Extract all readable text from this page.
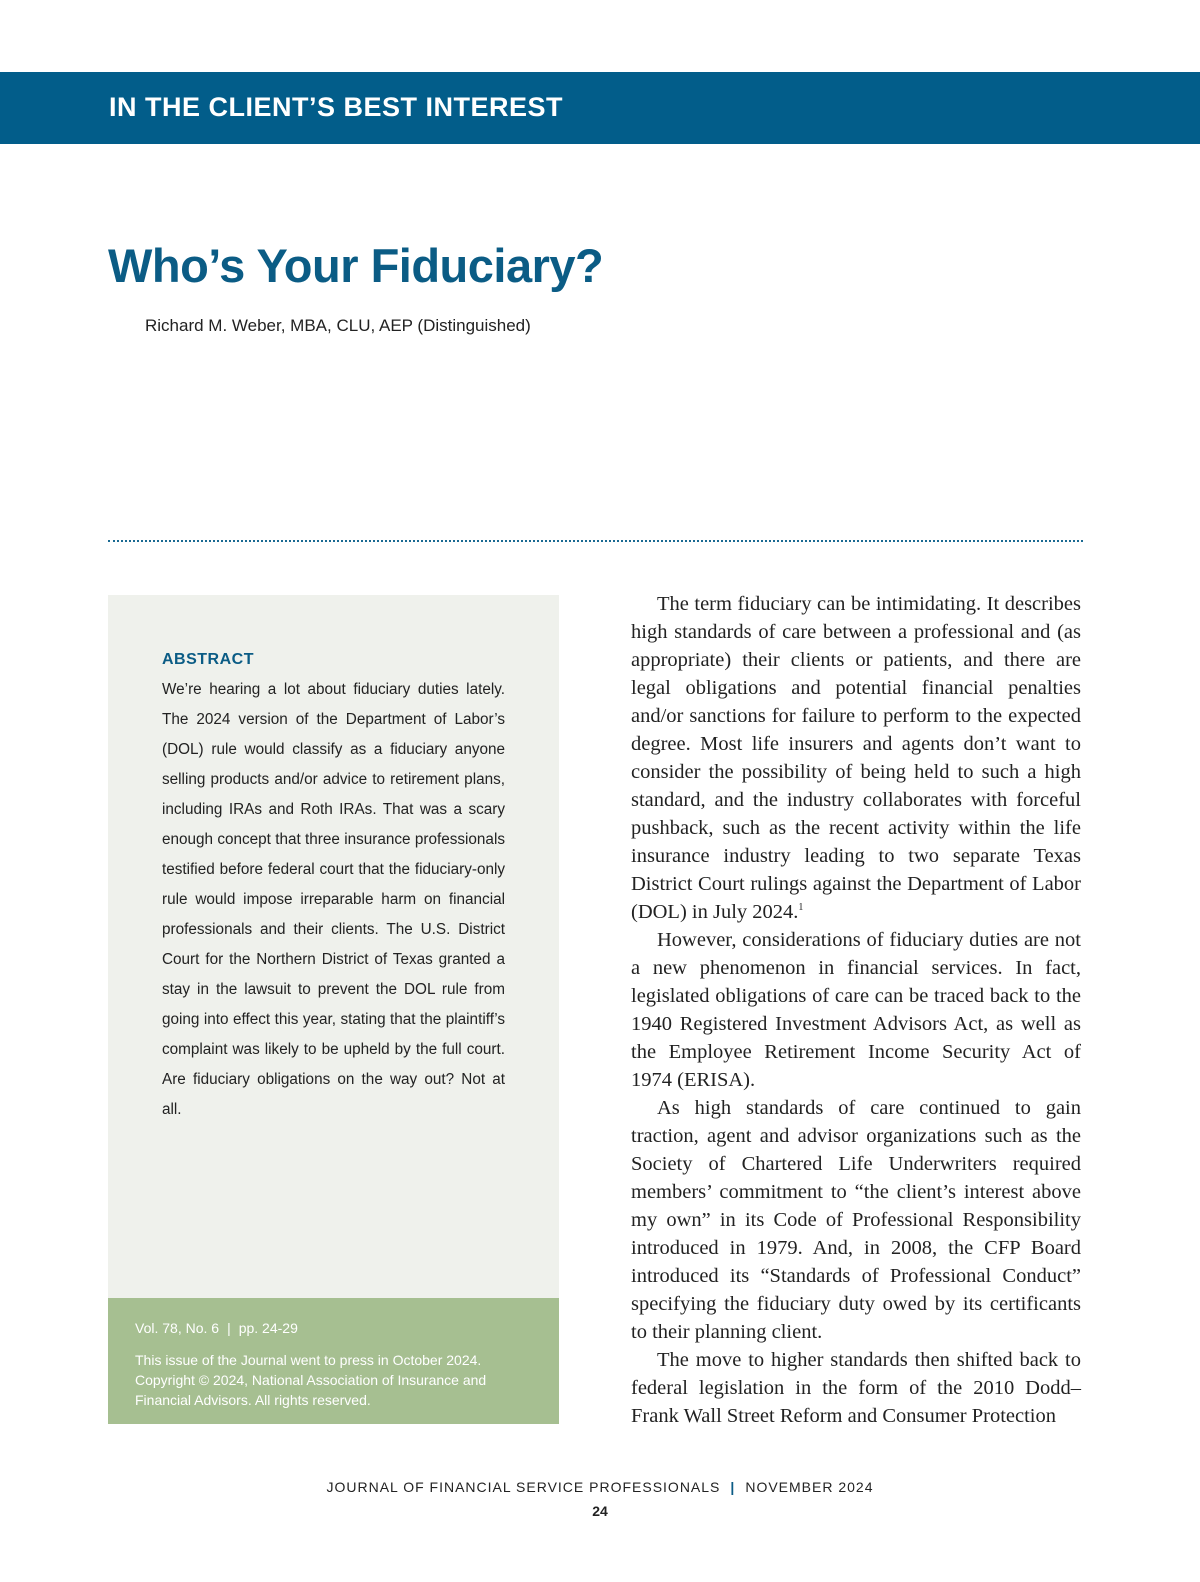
IN THE CLIENT’S BEST INTEREST
Who’s Your Fiduciary?

Richard M. Weber, MBA, CLU, AEP (Distinguished)

ABSTRACT

We’re hearing a lot about fiduciary duties lately. The 2024 version of the Department of Labor’s (DOL) rule would classify as a fiduciary anyone selling products and/or advice to retirement plans, including IRAs and Roth IRAs. That was a scary enough concept that three insurance professionals testified before federal court that the fiduciary-only rule would impose irreparable harm on financial professionals and their clients. The U.S. District Court for the Northern District of Texas granted a stay in the lawsuit to prevent the DOL rule from going into effect this year, stating that the plaintiff’s complaint was likely to be upheld by the full court. Are fiduciary obligations on the way out? Not at all.

Vol. 78, No. 6 | pp. 24-29

This issue of the Journal went to press in October 2024. Copyright © 2024, National Association of Insurance and Financial Advisors. All rights reserved.

The term fiduciary can be intimidating. It describes high standards of care between a professional and (as appropriate) their clients or patients, and there are legal obligations and potential financial penalties and/or sanctions for failure to perform to the expected degree. Most life insurers and agents don’t want to consider the possibility of being held to such a high standard, and the industry collaborates with forceful pushback, such as the recent activity within the life insurance industry leading to two separate Texas District Court rulings against the Department of Labor (DOL) in July 2024.$^1$

However, considerations of fiduciary duties are not a new phenomenon in financial services. In fact, legislated obligations of care can be traced back to the 1940 Registered Investment Advisors Act, as well as the Employee Retirement Income Security Act of 1974 (ERISA).

As high standards of care continued to gain traction, agent and advisor organizations such as the Society of Chartered Life Underwriters required members’ commitment to “the client’s interest above my own” in its Code of Professional Responsibility introduced in 1979. And, in 2008, the CFP Board introduced its “Standards of Professional Conduct” specifying the fiduciary duty owed by its certificants to their planning client.

The move to higher standards then shifted back to federal legislation in the form of the 2010 Dodd–Frank Wall Street Reform and Consumer Protection

JOURNAL OF FINANCIAL SERVICE PROFESSIONALS | NOVEMBER 2024
24
